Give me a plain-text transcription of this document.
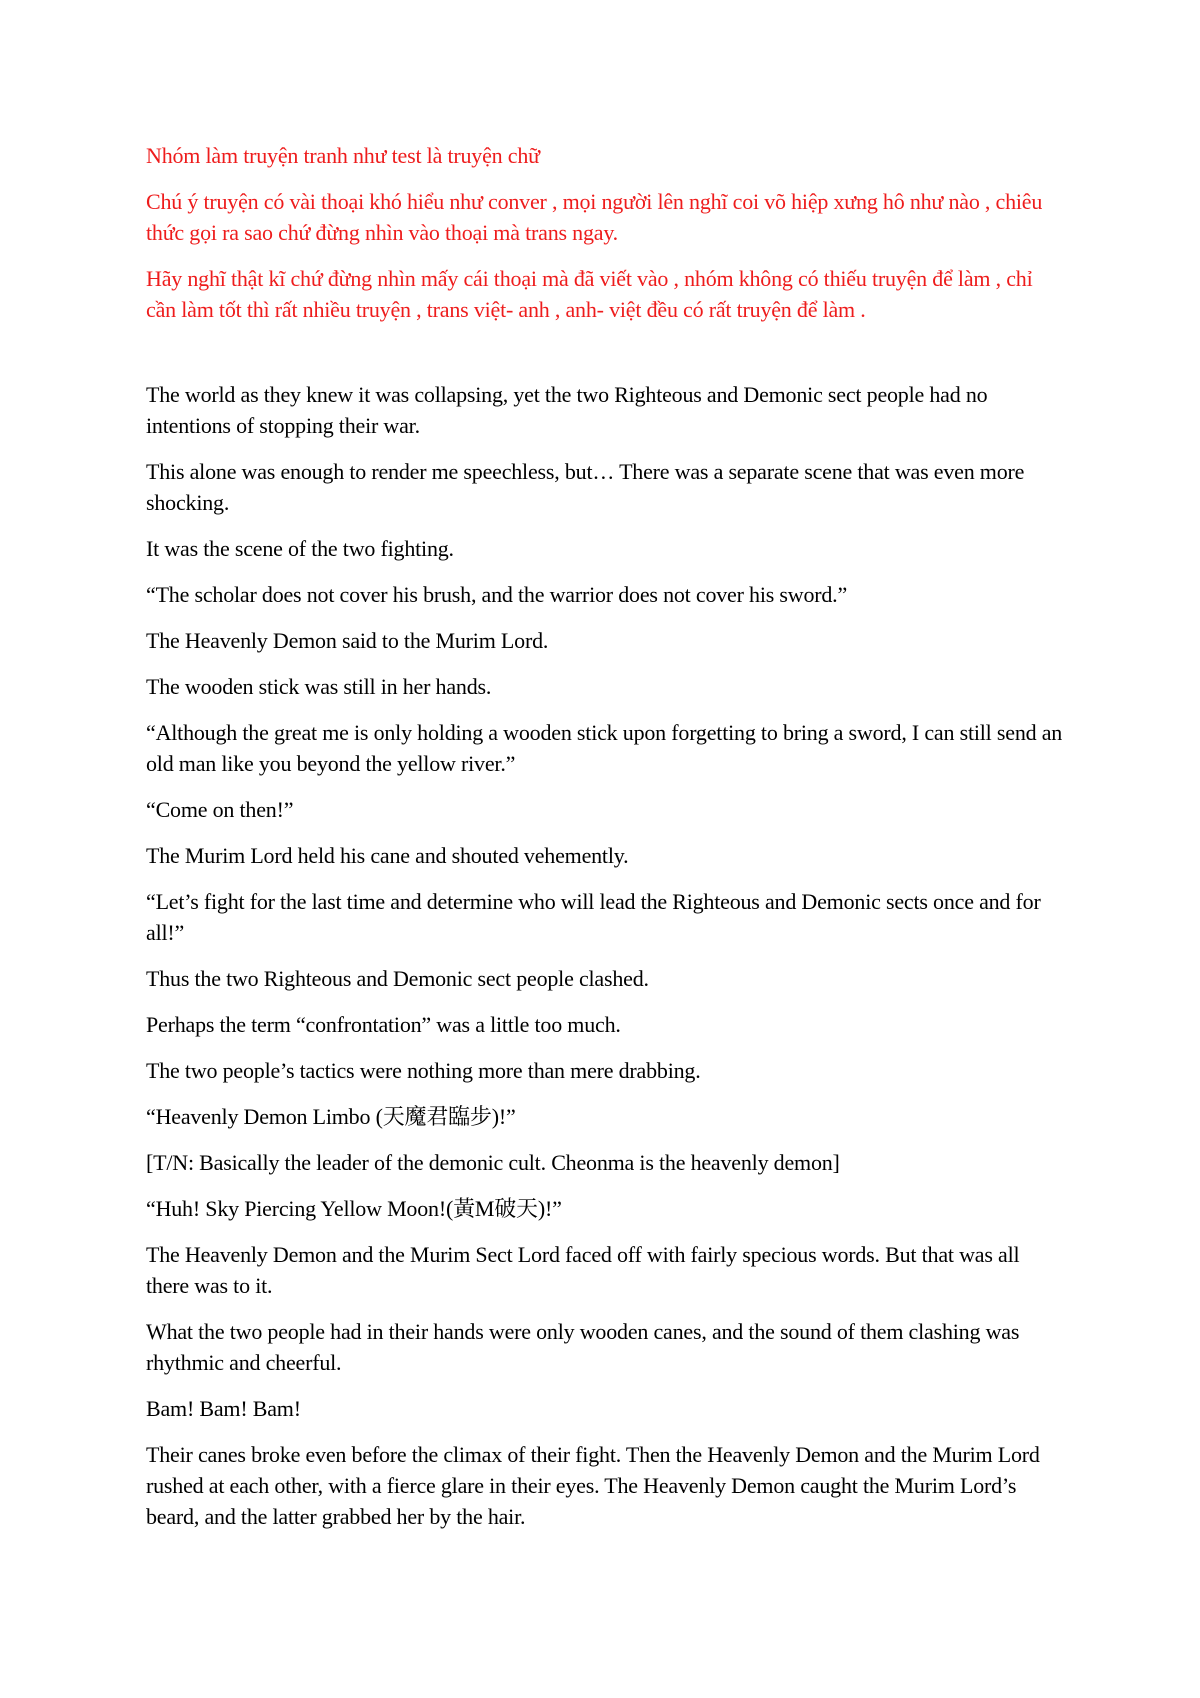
Nhóm làm truyện tranh như test là truyện chữ

Chú ý truyện có vài thoại khó hiểu như conver , mọi người lên nghĩ coi võ hiệp xưng hô như nào , chiêu thức gọi ra sao chứ đừng nhìn vào thoại mà trans ngay.

Hãy nghĩ thật kĩ chứ đừng nhìn mấy cái thoại mà đã viết vào , nhóm không có thiếu truyện để làm , chỉ cần làm tốt thì rất nhiều truyện , trans việt- anh , anh- việt đều có rất truyện để làm .

The world as they knew it was collapsing, yet the two Righteous and Demonic sect people had no intentions of stopping their war.

This alone was enough to render me speechless, but… There was a separate scene that was even more shocking.

It was the scene of the two fighting.

“The scholar does not cover his brush, and the warrior does not cover his sword.”

The Heavenly Demon said to the Murim Lord.

The wooden stick was still in her hands.

“Although the great me is only holding a wooden stick upon forgetting to bring a sword, I can still send an old man like you beyond the yellow river.”

“Come on then!”

The Murim Lord held his cane and shouted vehemently.

“Let’s fight for the last time and determine who will lead the Righteous and Demonic sects once and for all!”

Thus the two Righteous and Demonic sect people clashed.

Perhaps the term “confrontation” was a little too much.

The two people’s tactics were nothing more than mere drabbing.

“Heavenly Demon Limbo (天魔君臨步)!”

[T/N: Basically the leader of the demonic cult. Cheonma is the heavenly demon]

“Huh! Sky Piercing Yellow Moon!(黃M破天)!”

The Heavenly Demon and the Murim Sect Lord faced off with fairly specious words. But that was all there was to it.

What the two people had in their hands were only wooden canes, and the sound of them clashing was rhythmic and cheerful.

Bam! Bam! Bam!

Their canes broke even before the climax of their fight. Then the Heavenly Demon and the Murim Lord rushed at each other, with a fierce glare in their eyes. The Heavenly Demon caught the Murim Lord’s beard, and the latter grabbed her by the hair.
